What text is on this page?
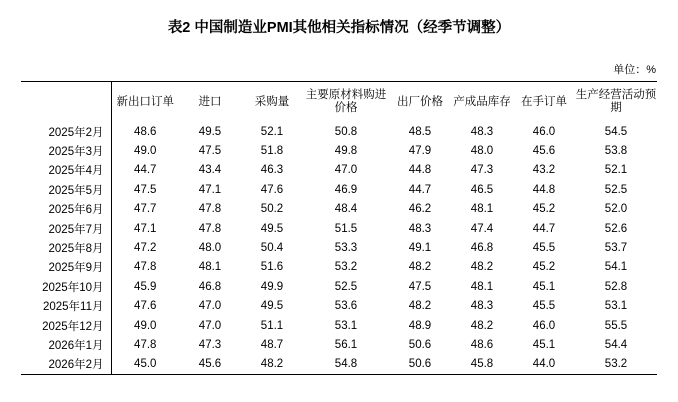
表2 中国制造业PMI其他相关指标情况（经季节调整）
单位：%
	新出口订单	进口	采购量	主要原材料购进价格	出厂价格	产成品库存	在手订单	生产经营活动预期
2025年2月	48.6	49.5	52.1	50.8	48.5	48.3	46.0	54.5
2025年3月	49.0	47.5	51.8	49.8	47.9	48.0	45.6	53.8
2025年4月	44.7	43.4	46.3	47.0	44.8	47.3	43.2	52.1
2025年5月	47.5	47.1	47.6	46.9	44.7	46.5	44.8	52.5
2025年6月	47.7	47.8	50.2	48.4	46.2	48.1	45.2	52.0
2025年7月	47.1	47.8	49.5	51.5	48.3	47.4	44.7	52.6
2025年8月	47.2	48.0	50.4	53.3	49.1	46.8	45.5	53.7
2025年9月	47.8	48.1	51.6	53.2	48.2	48.2	45.2	54.1
2025年10月	45.9	46.8	49.9	52.5	47.5	48.1	45.1	52.8
2025年11月	47.6	47.0	49.5	53.6	48.2	48.3	45.5	53.1
2025年12月	49.0	47.0	51.1	53.1	48.9	48.2	46.0	55.5
2026年1月	47.8	47.3	48.7	56.1	50.6	48.6	45.1	54.4
2026年2月	45.0	45.6	48.2	54.8	50.6	45.8	44.0	53.2
